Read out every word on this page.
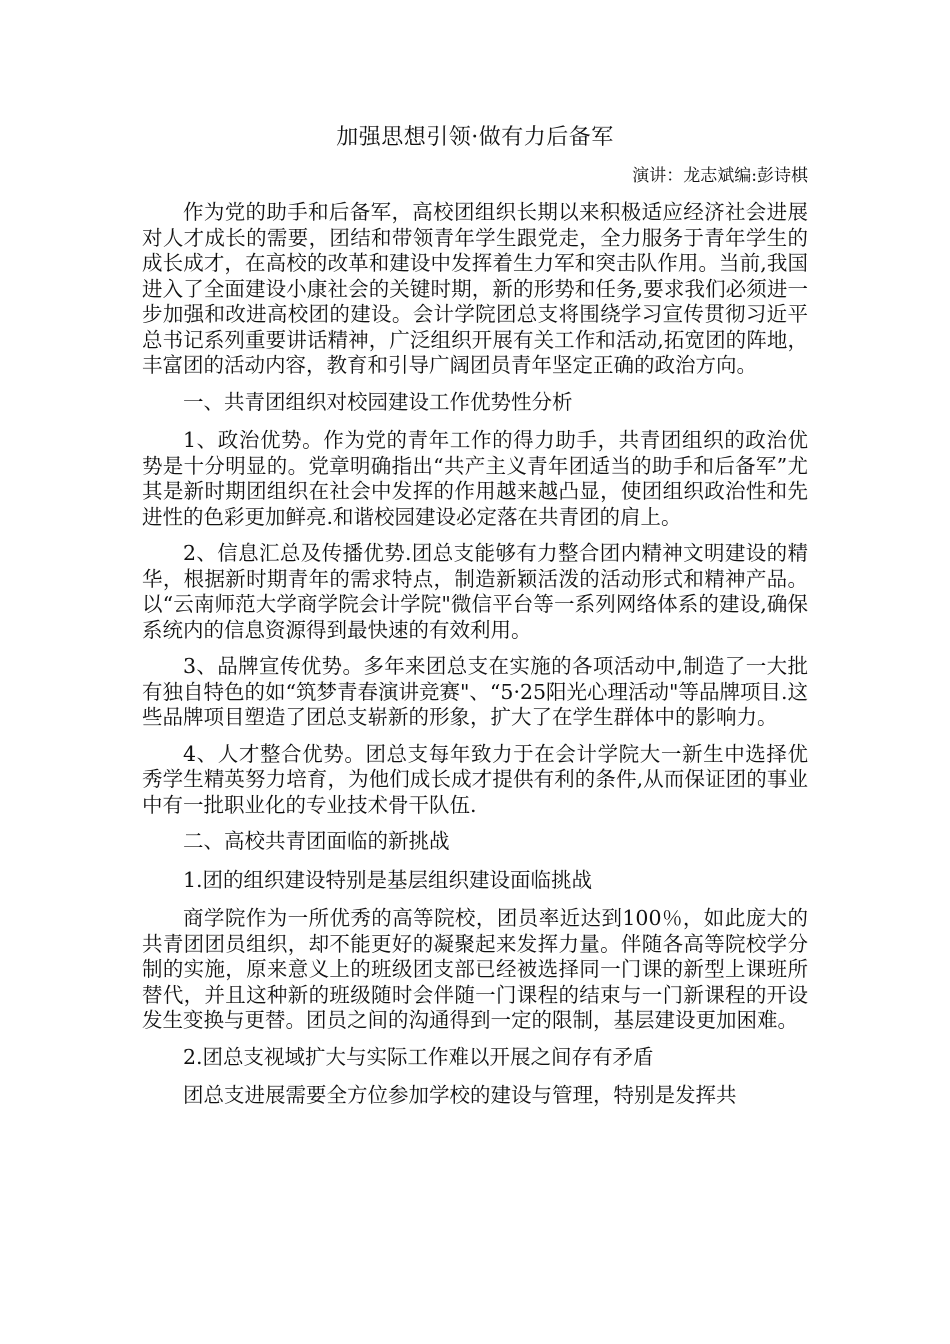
加强思想引领·做有力后备军
演讲：龙志斌编:彭诗棋

作为党的助手和后备军，高校团组织长期以来积极适应经济社会进展对人才成长的需要，团结和带领青年学生跟党走，全力服务于青年学生的成长成才，在高校的改革和建设中发挥着生力军和突击队作用。当前,我国进入了全面建设小康社会的关键时期，新的形势和任务,要求我们必须进一步加强和改进高校团的建设。会计学院团总支将围绕学习宣传贯彻习近平总书记系列重要讲话精神，广泛组织开展有关工作和活动,拓宽团的阵地，丰富团的活动内容，教育和引导广阔团员青年坚定正确的政治方向。

一、共青团组织对校园建设工作优势性分析

1、政治优势。作为党的青年工作的得力助手，共青团组织的政治优势是十分明显的。党章明确指出“共产主义青年团适当的助手和后备军”尤其是新时期团组织在社会中发挥的作用越来越凸显，使团组织政治性和先进性的色彩更加鲜亮.和谐校园建设必定落在共青团的肩上。

2、信息汇总及传播优势.团总支能够有力整合团内精神文明建设的精华，根据新时期青年的需求特点，制造新颖活泼的活动形式和精神产品。以“云南师范大学商学院会计学院"微信平台等一系列网络体系的建设,确保系统内的信息资源得到最快速的有效利用。

3、品牌宣传优势。多年来团总支在实施的各项活动中,制造了一大批有独自特色的如“筑梦青春演讲竞赛"、“5·25阳光心理活动"等品牌项目.这些品牌项目塑造了团总支崭新的形象，扩大了在学生群体中的影响力。

4、人才整合优势。团总支每年致力于在会计学院大一新生中选择优秀学生精英努力培育，为他们成长成才提供有利的条件,从而保证团的事业中有一批职业化的专业技术骨干队伍.

二、高校共青团面临的新挑战

1.团的组织建设特别是基层组织建设面临挑战

商学院作为一所优秀的高等院校，团员率近达到100％，如此庞大的共青团团员组织，却不能更好的凝聚起来发挥力量。伴随各高等院校学分制的实施，原来意义上的班级团支部已经被选择同一门课的新型上课班所替代，并且这种新的班级随时会伴随一门课程的结束与一门新课程的开设发生变换与更替。团员之间的沟通得到一定的限制，基层建设更加困难。

2.团总支视域扩大与实际工作难以开展之间存有矛盾

团总支进展需要全方位参加学校的建设与管理，特别是发挥共
